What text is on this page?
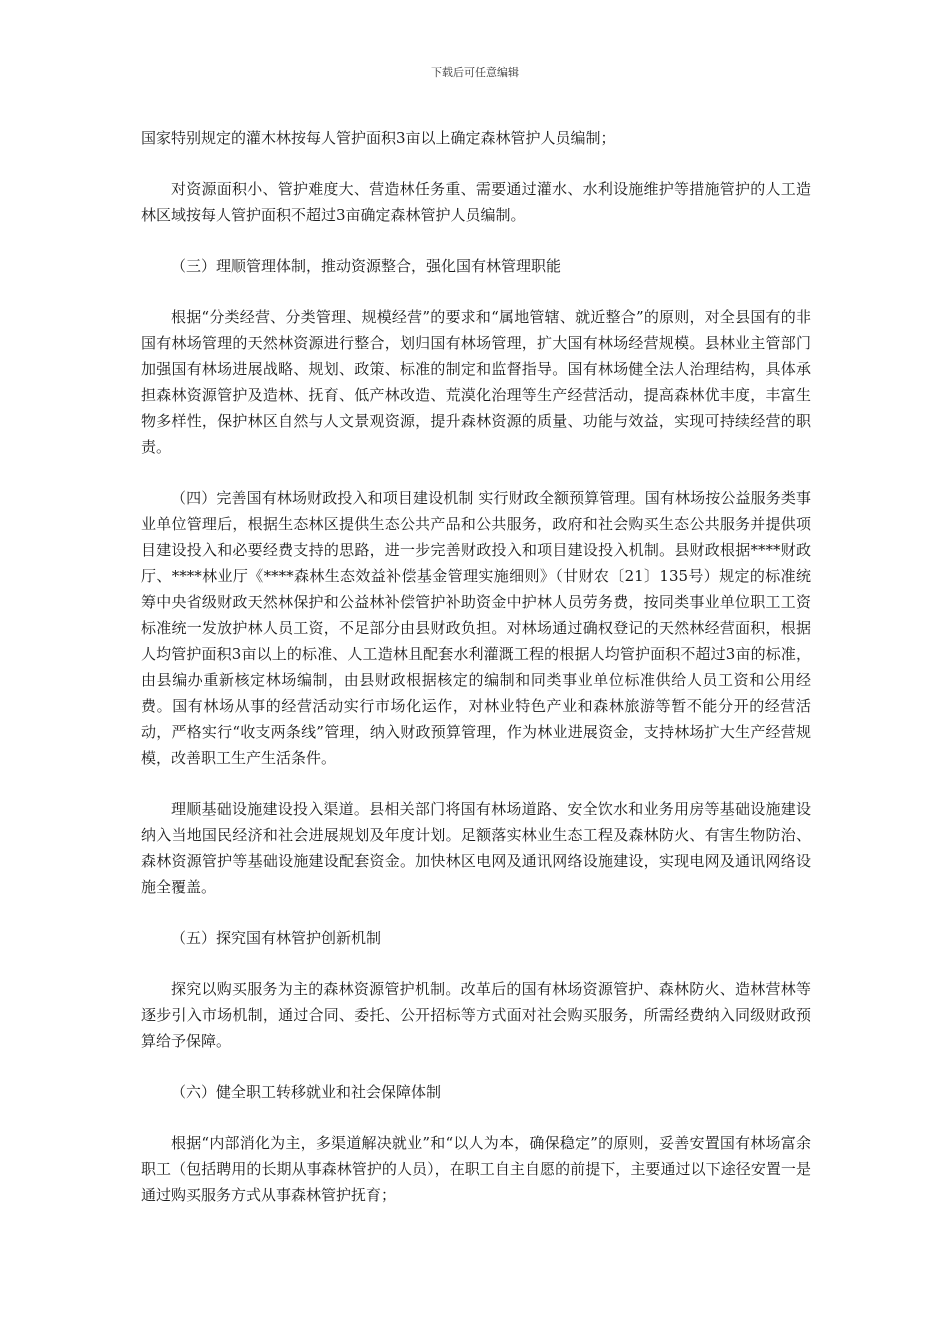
下载后可任意编辑

国家特别规定的灌木林按每人管护面积3亩以上确定森林管护人员编制；

对资源面积小、管护难度大、营造林任务重、需要通过灌水、水利设施维护等措施管护的人工造林区域按每人管护面积不超过3亩确定森林管护人员编制。

（三）理顺管理体制，推动资源整合，强化国有林管理职能

根据“分类经营、分类管理、规模经营”的要求和“属地管辖、就近整合”的原则，对全县国有的非国有林场管理的天然林资源进行整合，划归国有林场管理，扩大国有林场经营规模。县林业主管部门加强国有林场进展战略、规划、政策、标准的制定和监督指导。国有林场健全法人治理结构，具体承担森林资源管护及造林、抚育、低产林改造、荒漠化治理等生产经营活动，提高森林优丰度，丰富生物多样性，保护林区自然与人文景观资源，提升森林资源的质量、功能与效益，实现可持续经营的职责。

（四）完善国有林场财政投入和项目建设机制 实行财政全额预算管理。国有林场按公益服务类事业单位管理后，根据生态林区提供生态公共产品和公共服务，政府和社会购买生态公共服务并提供项目建设投入和必要经费支持的思路，进一步完善财政投入和项目建设投入机制。县财政根据****财政厅、****林业厅《****森林生态效益补偿基金管理实施细则》（甘财农〔21〕135号）规定的标准统筹中央省级财政天然林保护和公益林补偿管护补助资金中护林人员劳务费，按同类事业单位职工工资标准统一发放护林人员工资，不足部分由县财政负担。对林场通过确权登记的天然林经营面积，根据人均管护面积3亩以上的标准、人工造林且配套水利灌溉工程的根据人均管护面积不超过3亩的标准，由县编办重新核定林场编制，由县财政根据核定的编制和同类事业单位标准供给人员工资和公用经费。国有林场从事的经营活动实行市场化运作，对林业特色产业和森林旅游等暂不能分开的经营活动，严格实行“收支两条线”管理，纳入财政预算管理，作为林业进展资金，支持林场扩大生产经营规模，改善职工生产生活条件。

理顺基础设施建设投入渠道。县相关部门将国有林场道路、安全饮水和业务用房等基础设施建设纳入当地国民经济和社会进展规划及年度计划。足额落实林业生态工程及森林防火、有害生物防治、森林资源管护等基础设施建设配套资金。加快林区电网及通讯网络设施建设，实现电网及通讯网络设施全覆盖。

（五）探究国有林管护创新机制

探究以购买服务为主的森林资源管护机制。改革后的国有林场资源管护、森林防火、造林营林等逐步引入市场机制，通过合同、委托、公开招标等方式面对社会购买服务，所需经费纳入同级财政预算给予保障。

（六）健全职工转移就业和社会保障体制

根据“内部消化为主，多渠道解决就业”和“以人为本，确保稳定”的原则，妥善安置国有林场富余职工（包括聘用的长期从事森林管护的人员），在职工自主自愿的前提下，主要通过以下途径安置一是通过购买服务方式从事森林管护抚育；
